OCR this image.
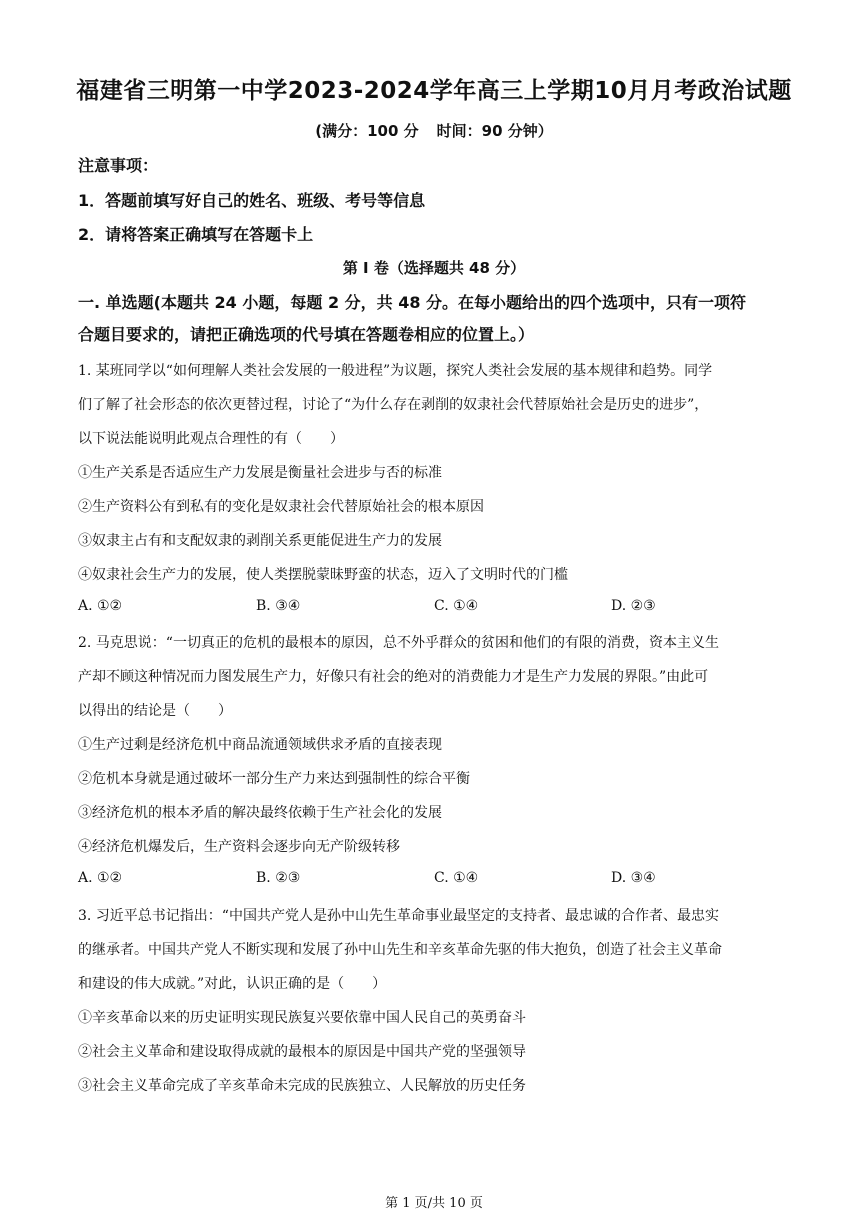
福建省三明第一中学2023-2024学年高三上学期10月月考政治试题
(满分：100 分 时间：90 分钟）
注意事项：
1．答题前填写好自己的姓名、班级、考号等信息
2．请将答案正确填写在答题卡上
第 I 卷（选择题共 48 分）
一. 单选题(本题共 24 小题，每题 2 分，共 48 分。在每小题给出的四个选项中，只有一项符
合题目要求的，请把正确选项的代号填在答题卷相应的位置上。）
1. 某班同学以“如何理解人类社会发展的一般进程”为议题，探究人类社会发展的基本规律和趋势。同学
们了解了社会形态的依次更替过程，讨论了“为什么存在剥削的奴隶社会代替原始社会是历史的进步”，
以下说法能说明此观点合理性的有（　　）
①生产关系是否适应生产力发展是衡量社会进步与否的标准
②生产资料公有到私有的变化是奴隶社会代替原始社会的根本原因
③奴隶主占有和支配奴隶的剥削关系更能促进生产力的发展
④奴隶社会生产力的发展，使人类摆脱蒙昧野蛮的状态，迈入了文明时代的门槛
A. ①②	B. ③④	C. ①④	D. ②③
2. 马克思说：“一切真正的危机的最根本的原因，总不外乎群众的贫困和他们的有限的消费，资本主义生
产却不顾这种情况而力图发展生产力，好像只有社会的绝对的消费能力才是生产力发展的界限。”由此可
以得出的结论是（　　）
①生产过剩是经济危机中商品流通领域供求矛盾的直接表现
②危机本身就是通过破坏一部分生产力来达到强制性的综合平衡
③经济危机的根本矛盾的解决最终依赖于生产社会化的发展
④经济危机爆发后，生产资料会逐步向无产阶级转移
A. ①②	B. ②③	C. ①④	D. ③④
3. 习近平总书记指出：“中国共产党人是孙中山先生革命事业最坚定的支持者、最忠诚的合作者、最忠实
的继承者。中国共产党人不断实现和发展了孙中山先生和辛亥革命先驱的伟大抱负，创造了社会主义革命
和建设的伟大成就。”对此，认识正确的是（　　）
①辛亥革命以来的历史证明实现民族复兴要依靠中国人民自己的英勇奋斗
②社会主义革命和建设取得成就的最根本的原因是中国共产党的坚强领导
③社会主义革命完成了辛亥革命未完成的民族独立、人民解放的历史任务
第 1 页/共 10 页
